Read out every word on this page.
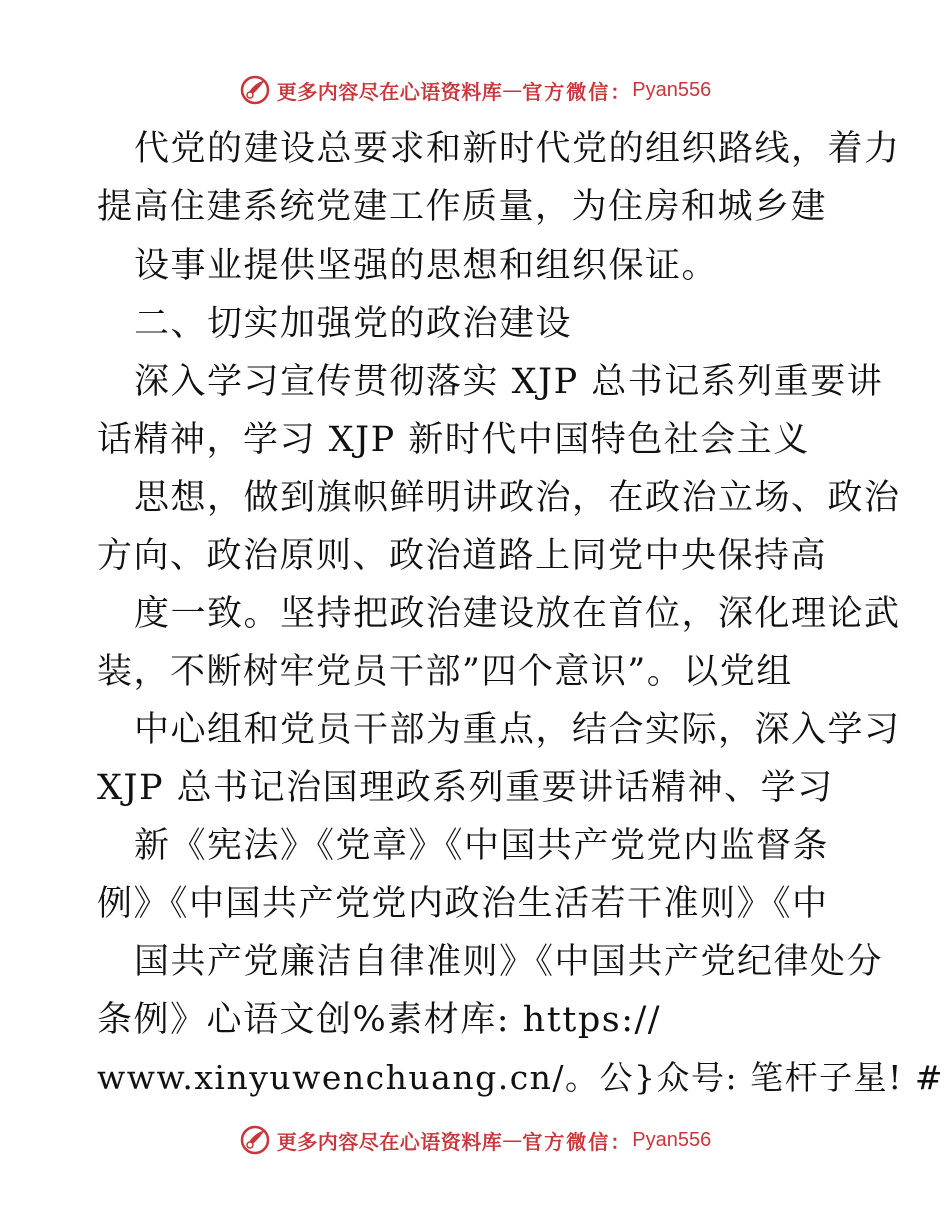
更多内容尽在心语资料库 — 官方微信： Pyan556
代党的建设总要求和新时代党的组织路线，着力
提高住建系统党建工作质量，为住房和城乡建
设事业提供坚强的思想和组织保证。
二、切实加强党的政治建设
深入学习宣传贯彻落实 XJP 总书记系列重要讲
话精神，学习 XJP 新时代中国特色社会主义
思想，做到旗帜鲜明讲政治，在政治立场、政治
方向、政治原则、政治道路上同党中央保持高
度一致。坚持把政治建设放在首位，深化理论武
装，不断树牢党员干部”四个意识”。以党组
中心组和党员干部为重点，结合实际，深入学习
XJP 总书记治国理政系列重要讲话精神、学习
新《宪法》《党章》《中国共产党党内监督条
例》《中国共产党党内政治生活若干准则》《中
国共产党廉洁自律准则》《中国共产党纪律处分
条例》心语文创%素材库: https://
www.xinyuwenchuang.cn/。公}众号: 笔杆子星! #
更多内容尽在心语资料库 — 官方微信： Pyan556
